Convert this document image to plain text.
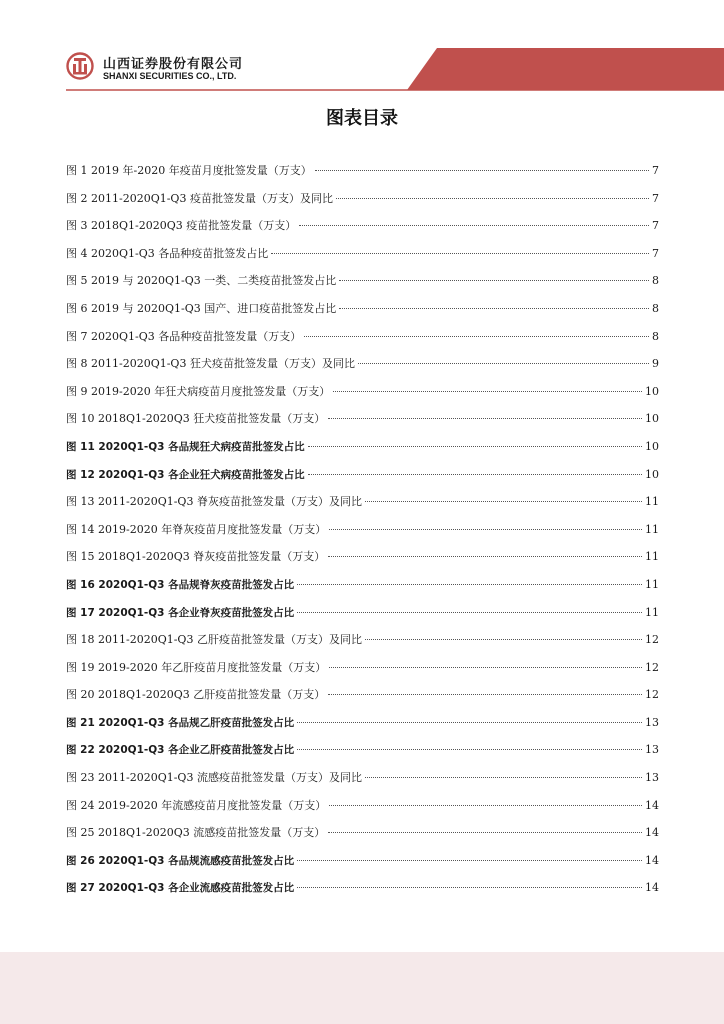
山西证券股份有限公司
SHANXI SECURITIES CO., LTD.
图表目录
图 1 2019 年-2020 年疫苗月度批签发量（万支）	7
图 2 2011-2020Q1-Q3 疫苗批签发量（万支）及同比	7
图 3 2018Q1-2020Q3 疫苗批签发量（万支）	7
图 4 2020Q1-Q3 各品种疫苗批签发占比	7
图 5 2019 与 2020Q1-Q3 一类、二类疫苗批签发占比	8
图 6 2019 与 2020Q1-Q3 国产、进口疫苗批签发占比	8
图 7 2020Q1-Q3 各品种疫苗批签发量（万支）	8
图 8 2011-2020Q1-Q3 狂犬疫苗批签发量（万支）及同比	9
图 9 2019-2020 年狂犬病疫苗月度批签发量（万支）	10
图 10 2018Q1-2020Q3 狂犬疫苗批签发量（万支）	10
图 11 2020Q1-Q3 各品规狂犬病疫苗批签发占比	10
图 12 2020Q1-Q3 各企业狂犬病疫苗批签发占比	10
图 13 2011-2020Q1-Q3 脊灰疫苗批签发量（万支）及同比	11
图 14 2019-2020 年脊灰疫苗月度批签发量（万支）	11
图 15 2018Q1-2020Q3 脊灰疫苗批签发量（万支）	11
图 16 2020Q1-Q3 各品规脊灰疫苗批签发占比	11
图 17 2020Q1-Q3 各企业脊灰疫苗批签发占比	11
图 18 2011-2020Q1-Q3 乙肝疫苗批签发量（万支）及同比	12
图 19 2019-2020 年乙肝疫苗月度批签发量（万支）	12
图 20 2018Q1-2020Q3 乙肝疫苗批签发量（万支）	12
图 21 2020Q1-Q3 各品规乙肝疫苗批签发占比	13
图 22 2020Q1-Q3 各企业乙肝疫苗批签发占比	13
图 23 2011-2020Q1-Q3 流感疫苗批签发量（万支）及同比	13
图 24 2019-2020 年流感疫苗月度批签发量（万支）	14
图 25 2018Q1-2020Q3 流感疫苗批签发量（万支）	14
图 26 2020Q1-Q3 各品规流感疫苗批签发占比	14
图 27 2020Q1-Q3 各企业流感疫苗批签发占比	14
